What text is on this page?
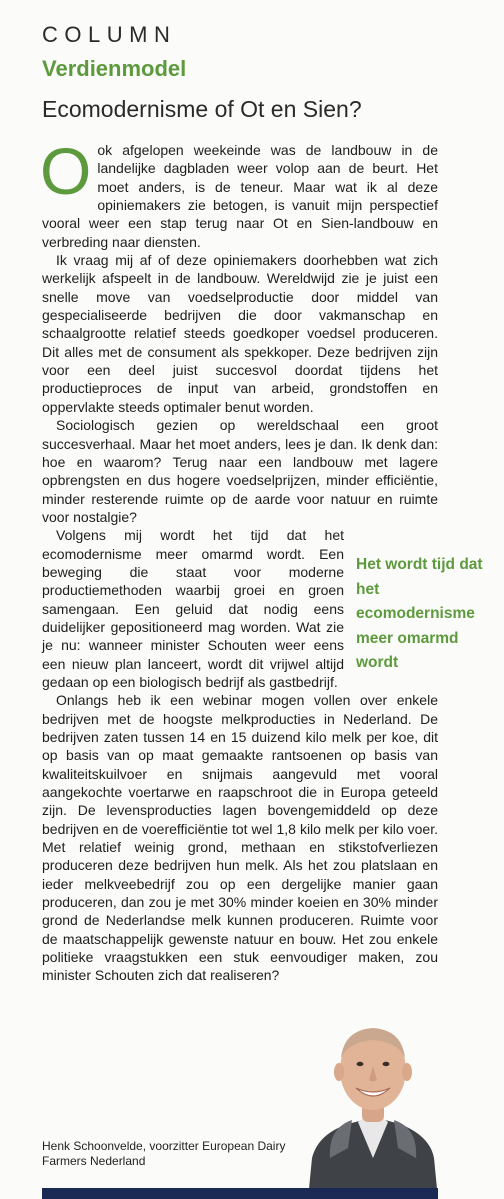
COLUMN
Verdienmodel
Ecomodernisme of Ot en Sien?

Ook afgelopen weekeinde was de landbouw in de landelijke dagbladen weer volop aan de beurt. Het moet anders, is de teneur. Maar wat ik al deze opiniemakers zie betogen, is vanuit mijn perspectief vooral weer een stap terug naar Ot en Sien-landbouw en verbreding naar diensten.

Ik vraag mij af of deze opiniemakers doorhebben wat zich werkelijk afspeelt in de landbouw. Wereldwijd zie je juist een snelle move van voedselproductie door middel van gespecialiseerde bedrijven die door vakmanschap en schaalgrootte relatief steeds goedkoper voedsel produceren. Dit alles met de consument als spekkoper. Deze bedrijven zijn voor een deel juist succesvol doordat tijdens het productieproces de input van arbeid, grondstoffen en oppervlakte steeds optimaler benut worden.

Sociologisch gezien op wereldschaal een groot succesverhaal. Maar het moet anders, lees je dan. Ik denk dan: hoe en waarom? Terug naar een landbouw met lagere opbrengsten en dus hogere voedselprijzen, minder efficiëntie, minder resterende ruimte op de aarde voor natuur en ruimte voor nostalgie?

Volgens mij wordt het tijd dat het ecomodernisme meer omarmd wordt. Een beweging die staat voor moderne productiemethoden waarbij groei en groen samengaan. Een geluid dat nodig eens duidelijker gepositioneerd mag worden. Wat zie je nu: wanneer minister Schouten weer eens een nieuw plan lanceert, wordt dit vrijwel altijd gedaan op een biologisch bedrijf als gastbedrijf.

Onlangs heb ik een webinar mogen vollen over enkele bedrijven met de hoogste melkproducties in Nederland. De bedrijven zaten tussen 14 en 15 duizend kilo melk per koe, dit op basis van op maat gemaakte rantsoenen op basis van kwaliteitskuilvoer en snijmais aangevuld met vooral aangekochte voertarwe en raapschroot die in Europa geteeld zijn. De levensproducties lagen bovengemiddeld op deze bedrijven en de voerefficiëntie tot wel 1,8 kilo melk per kilo voer. Met relatief weinig grond, methaan en stikstofverliezen produceren deze bedrijven hun melk. Als het zou platslaan en ieder melkveebedrijf zou op een dergelijke manier gaan produceren, dan zou je met 30% minder koeien en 30% minder grond de Nederlandse melk kunnen produceren. Ruimte voor de maatschappelijk gewenste natuur en bouw. Het zou enkele politieke vraagstukken een stuk eenvoudiger maken, zou minister Schouten zich dat realiseren?

Het wordt tijd dat het ecomodernisme meer omarmd wordt
Henk Schoonvelde, voorzitter European Dairy Farmers Nederland
